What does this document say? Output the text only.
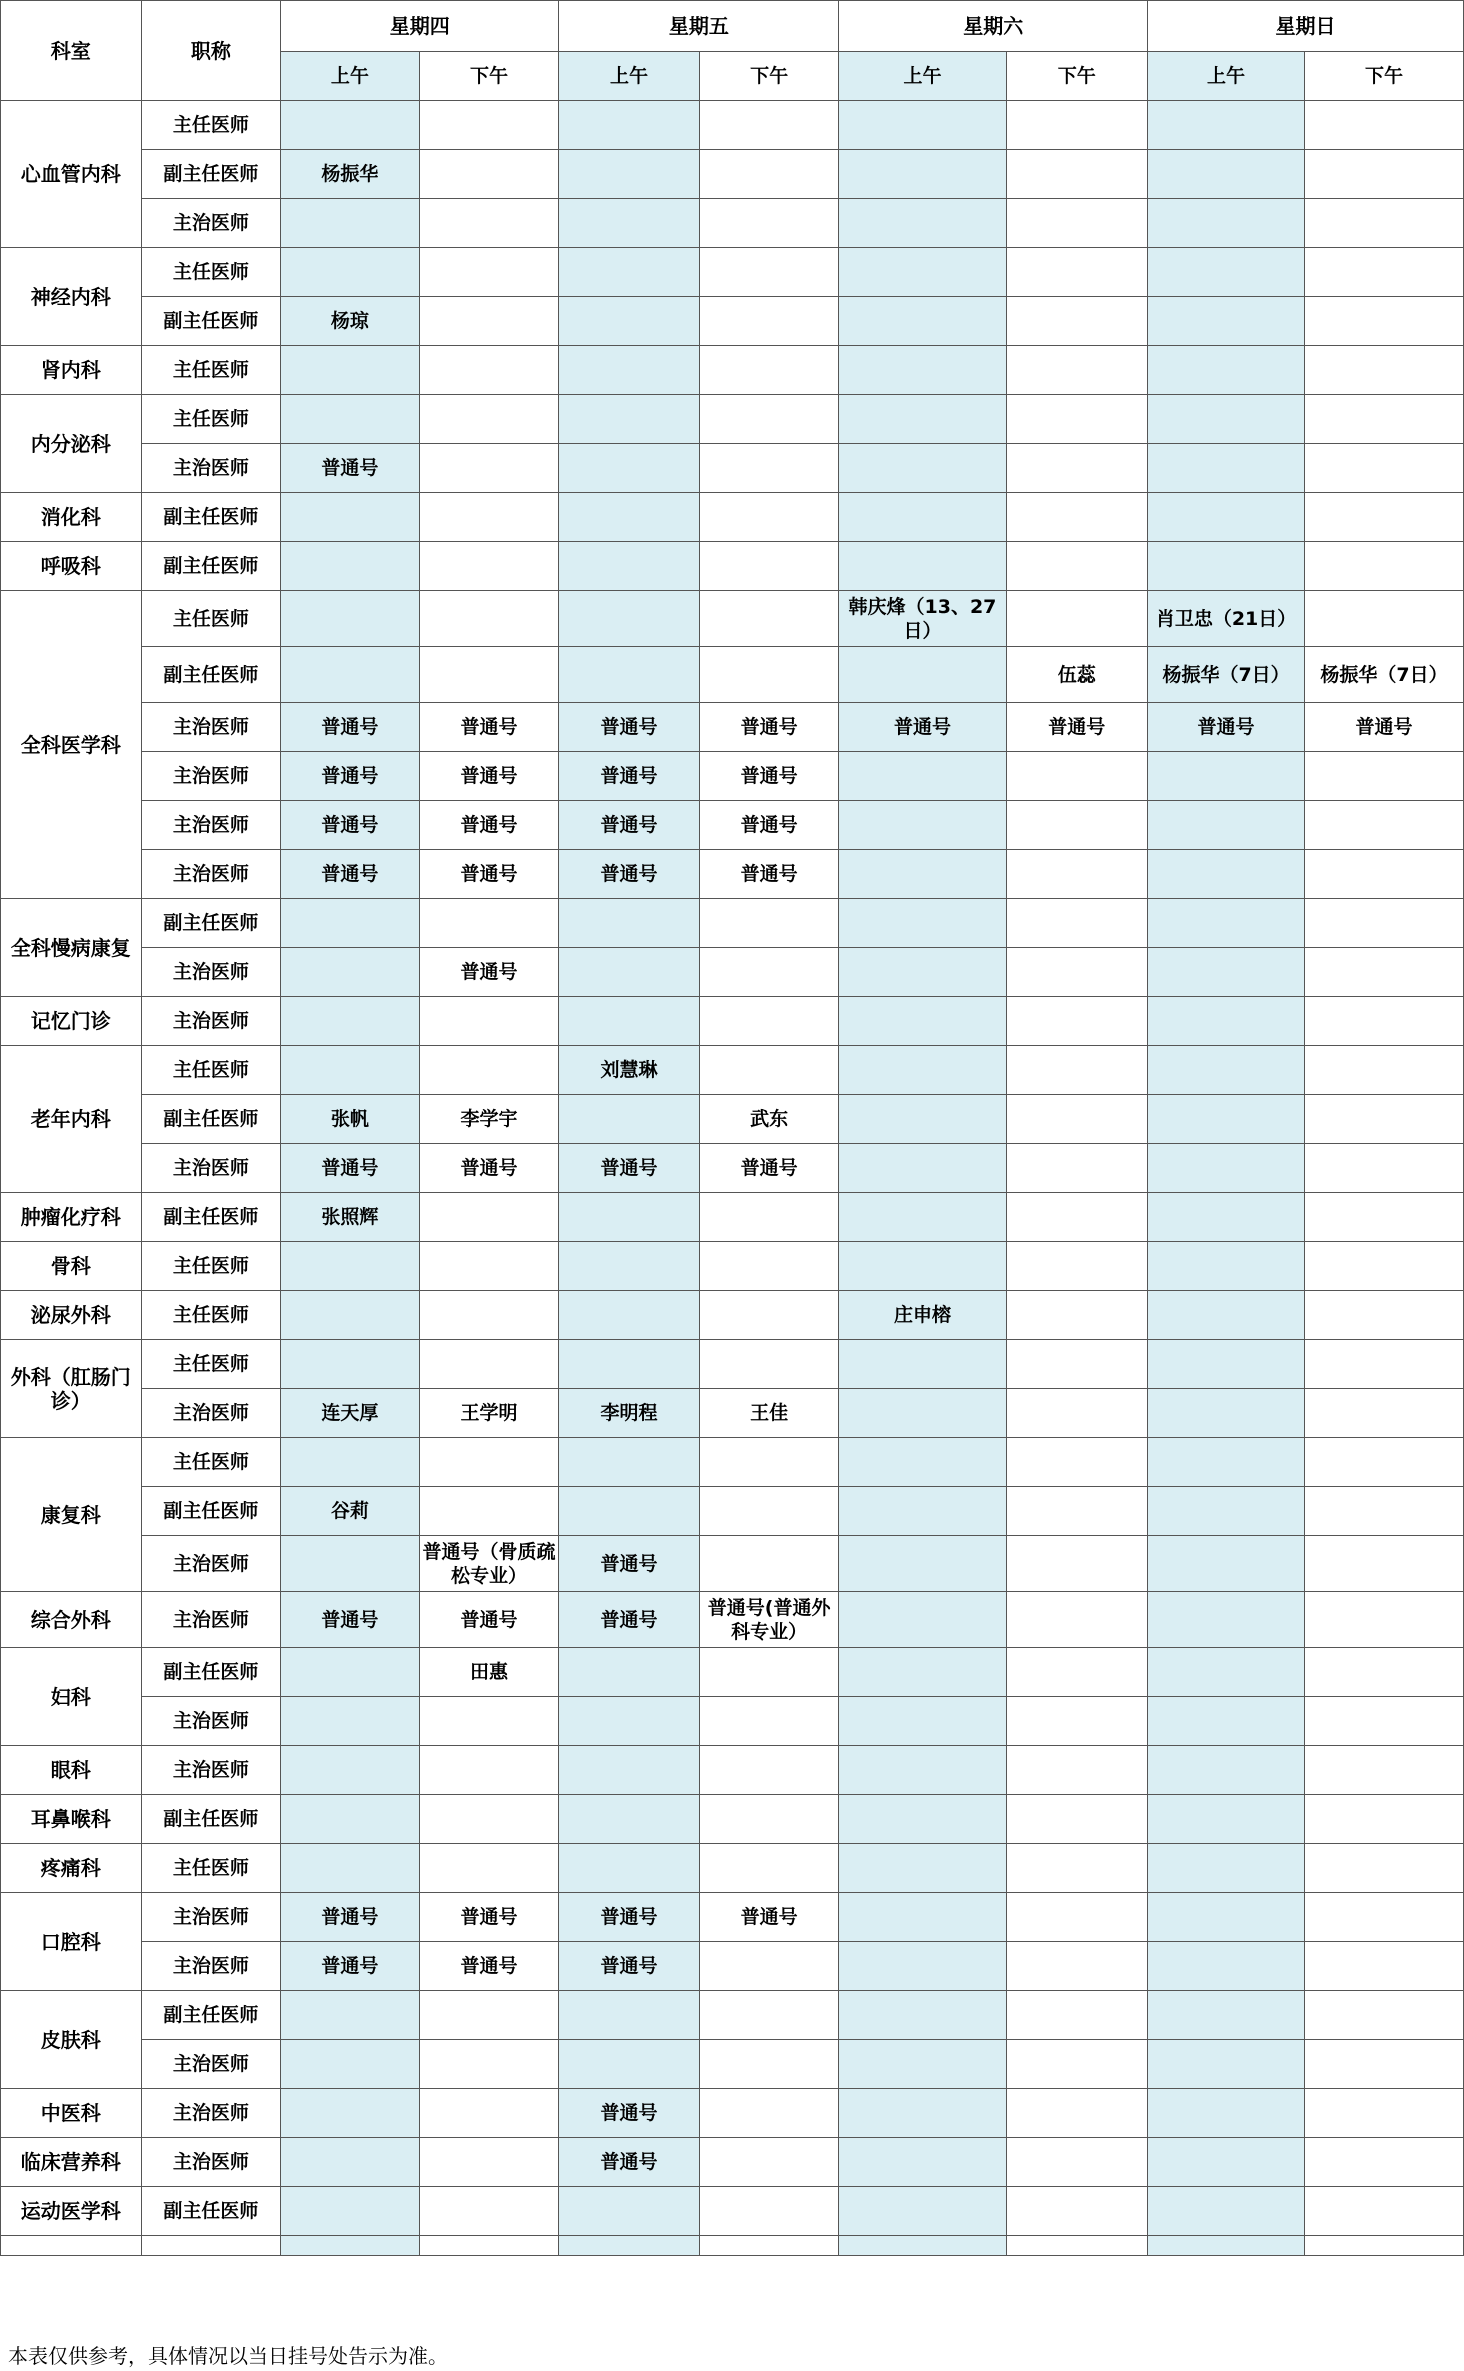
科室	职称	星期四		星期五		星期六		星期日	
		上午	下午	上午	下午	上午	下午	上午	下午
心血管内科	主任医师								
	副主任医师	杨振华							
	主治医师								
神经内科	主任医师								
	副主任医师	杨琼							
肾内科	主任医师								
内分泌科	主任医师								
	主治医师	普通号							
消化科	副主任医师								
呼吸科	副主任医师								
全科医学科	主任医师					韩庆烽（13、27日）		肖卫忠（21日）	
	副主任医师						伍蕊	杨振华（7日）	杨振华（7日）
	主治医师	普通号	普通号	普通号	普通号	普通号	普通号	普通号	普通号
	主治医师	普通号	普通号	普通号	普通号				
	主治医师	普通号	普通号	普通号	普通号				
	主治医师	普通号	普通号	普通号	普通号				
全科慢病康复	副主任医师								
	主治医师		普通号						
记忆门诊	主治医师								
老年内科	主任医师			刘慧琳					
	副主任医师	张帆	李学宇		武东				
	主治医师	普通号	普通号	普通号	普通号				
肿瘤化疗科	副主任医师	张照辉							
骨科	主任医师								
泌尿外科	主任医师					庄申榕			
外科（肛肠门诊）	主任医师								
	主治医师	连天厚	王学明	李明程	王佳				
康复科	主任医师								
	副主任医师	谷莉							
	主治医师		普通号（骨质疏松专业）	普通号					
综合外科	主治医师	普通号	普通号	普通号	普通号(普通外科专业）				
妇科	副主任医师		田惠						
	主治医师								
眼科	主治医师								
耳鼻喉科	副主任医师								
疼痛科	主任医师								
口腔科	主治医师	普通号	普通号	普通号	普通号				
	主治医师	普通号	普通号	普通号					
皮肤科	副主任医师								
	主治医师								
中医科	主治医师			普通号					
临床营养科	主治医师			普通号					
运动医学科	副主任医师								

本表仅供参考，具体情况以当日挂号处告示为准。
